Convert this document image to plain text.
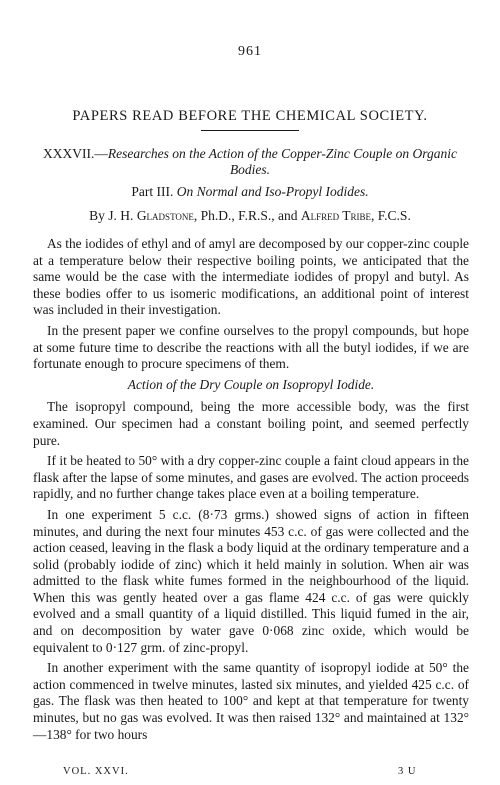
961
PAPERS READ BEFORE THE CHEMICAL SOCIETY.
XXXVII.—Researches on the Action of the Copper-Zinc Couple on Organic Bodies.
Part III. On Normal and Iso-Propyl Iodides.
By J. H. Gladstone, Ph.D., F.R.S., and Alfred Tribe, F.C.S.

As the iodides of ethyl and of amyl are decomposed by our copper-zinc couple at a temperature below their respective boiling points, we anticipated that the same would be the case with the intermediate iodides of propyl and butyl. As these bodies offer to us isomeric modifications, an additional point of interest was included in their investigation.

In the present paper we confine ourselves to the propyl compounds, but hope at some future time to describe the reactions with all the butyl iodides, if we are fortunate enough to procure specimens of them.

Action of the Dry Couple on Isopropyl Iodide.

The isopropyl compound, being the more accessible body, was the first examined. Our specimen had a constant boiling point, and seemed perfectly pure.

If it be heated to 50° with a dry copper-zinc couple a faint cloud appears in the flask after the lapse of some minutes, and gases are evolved. The action proceeds rapidly, and no further change takes place even at a boiling temperature.

In one experiment 5 c.c. (8·73 grms.) showed signs of action in fifteen minutes, and during the next four minutes 453 c.c. of gas were collected and the action ceased, leaving in the flask a body liquid at the ordinary temperature and a solid (probably iodide of zinc) which it held mainly in solution. When air was admitted to the flask white fumes formed in the neighbourhood of the liquid. When this was gently heated over a gas flame 424 c.c. of gas were quickly evolved and a small quantity of a liquid distilled. This liquid fumed in the air, and on decomposition by water gave 0·068 zinc oxide, which would be equivalent to 0·127 grm. of zinc-propyl.

In another experiment with the same quantity of isopropyl iodide at 50° the action commenced in twelve minutes, lasted six minutes, and yielded 425 c.c. of gas. The flask was then heated to 100° and kept at that temperature for twenty minutes, but no gas was evolved. It was then raised 132° and maintained at 132°—138° for two hours

VOL. XXVI.	3 U
